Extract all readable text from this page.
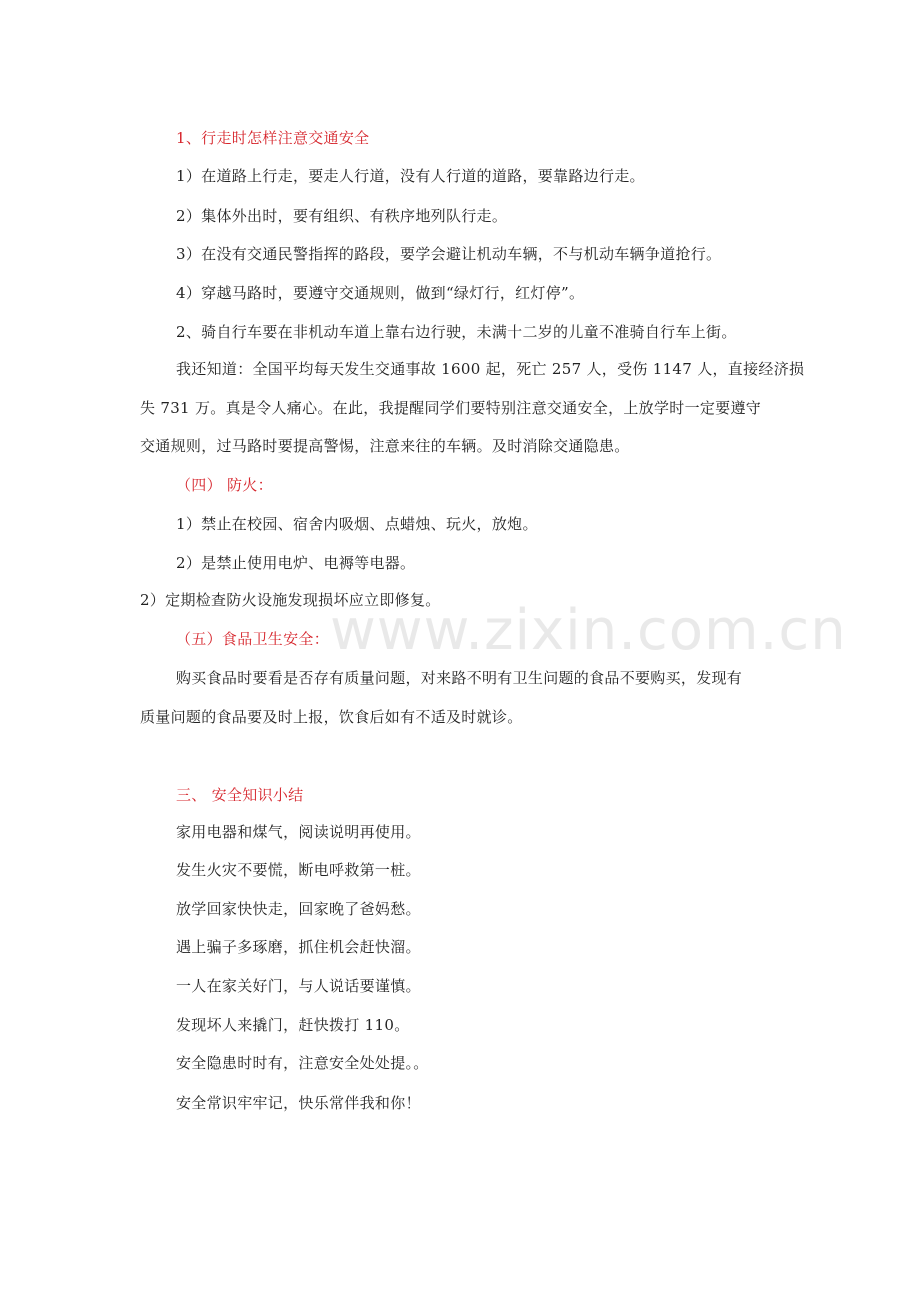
www.zixin.com.cn
1、行走时怎样注意交通安全
1）在道路上行走，要走人行道，没有人行道的道路，要靠路边行走。
2）集体外出时，要有组织、有秩序地列队行走。
3）在没有交通民警指挥的路段，要学会避让机动车辆，不与机动车辆争道抢行。
4）穿越马路时，要遵守交通规则，做到“绿灯行，红灯停”。
2、骑自行车要在非机动车道上靠右边行驶，未满十二岁的儿童不准骑自行车上街。
我还知道：全国平均每天发生交通事故 1600 起，死亡 257 人，受伤 1147 人，直接经济损
失 731 万。真是令人痛心。在此，我提醒同学们要特别注意交通安全，上放学时一定要遵守
交通规则，过马路时要提高警惕，注意来往的车辆。及时消除交通隐患。
（四） 防火：
1）禁止在校园、宿舍内吸烟、点蜡烛、玩火，放炮。
2）是禁止使用电炉、电褥等电器。
2）定期检查防火设施发现损坏应立即修复。
（五）食品卫生安全：
购买食品时要看是否存有质量问题，对来路不明有卫生问题的食品不要购买，发现有
质量问题的食品要及时上报，饮食后如有不适及时就诊。
三、 安全知识小结
家用电器和煤气，阅读说明再使用。
发生火灾不要慌，断电呼救第一桩。
放学回家快快走，回家晚了爸妈愁。
遇上骗子多琢磨，抓住机会赶快溜。
一人在家关好门，与人说话要谨慎。
发现坏人来撬门，赶快拨打 110。
安全隐患时时有，注意安全处处提。。
安全常识牢牢记，快乐常伴我和你！
